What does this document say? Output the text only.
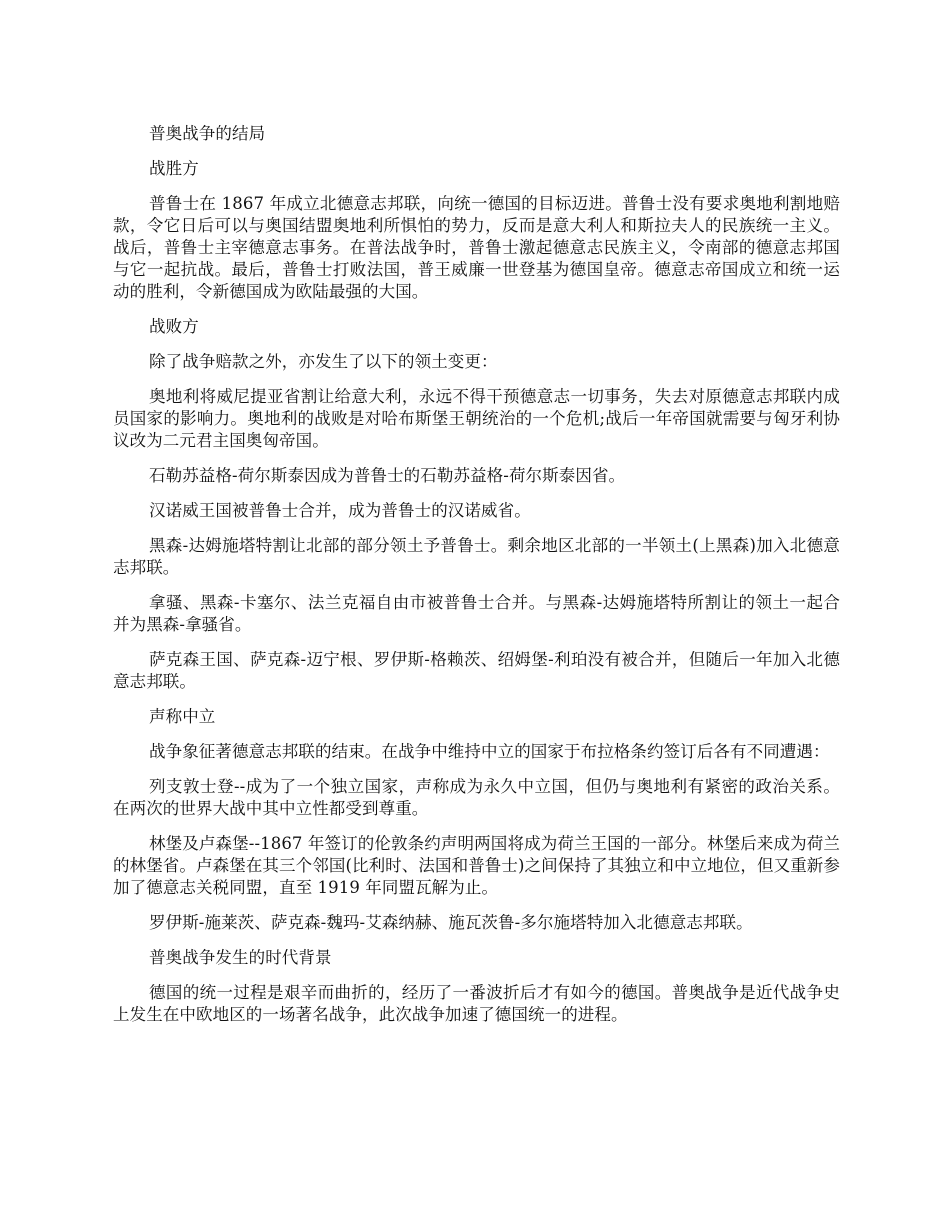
普奥战争的结局

战胜方

普鲁士在 1867 年成立北德意志邦联，向统一德国的目标迈进。普鲁士没有要求奥地利割地赔款，令它日后可以与奥国结盟奥地利所惧怕的势力，反而是意大利人和斯拉夫人的民族统一主义。战后，普鲁士主宰德意志事务。在普法战争时，普鲁士激起德意志民族主义，令南部的德意志邦国与它一起抗战。最后，普鲁士打败法国，普王威廉一世登基为德国皇帝。德意志帝国成立和统一运动的胜利，令新德国成为欧陆最强的大国。

战败方

除了战争赔款之外，亦发生了以下的领土变更：

奥地利将威尼提亚省割让给意大利，永远不得干预德意志一切事务，失去对原德意志邦联内成员国家的影响力。奥地利的战败是对哈布斯堡王朝统治的一个危机;战后一年帝国就需要与匈牙利协议改为二元君主国奥匈帝国。

石勒苏益格-荷尔斯泰因成为普鲁士的石勒苏益格-荷尔斯泰因省。

汉诺威王国被普鲁士合并，成为普鲁士的汉诺威省。

黑森-达姆施塔特割让北部的部分领土予普鲁士。剩余地区北部的一半领土(上黑森)加入北德意志邦联。

拿骚、黑森-卡塞尔、法兰克福自由市被普鲁士合并。与黑森-达姆施塔特所割让的领土一起合并为黑森-拿骚省。

萨克森王国、萨克森-迈宁根、罗伊斯-格赖茨、绍姆堡-利珀没有被合并，但随后一年加入北德意志邦联。

声称中立

战争象征著德意志邦联的结束。在战争中维持中立的国家于布拉格条约签订后各有不同遭遇：

列支敦士登--成为了一个独立国家，声称成为永久中立国，但仍与奥地利有紧密的政治关系。在两次的世界大战中其中立性都受到尊重。

林堡及卢森堡--1867 年签订的伦敦条约声明两国将成为荷兰王国的一部分。林堡后来成为荷兰的林堡省。卢森堡在其三个邻国(比利时、法国和普鲁士)之间保持了其独立和中立地位，但又重新参加了德意志关税同盟，直至 1919 年同盟瓦解为止。

罗伊斯-施莱茨、萨克森-魏玛-艾森纳赫、施瓦茨鲁-多尔施塔特加入北德意志邦联。

普奥战争发生的时代背景

德国的统一过程是艰辛而曲折的，经历了一番波折后才有如今的德国。普奥战争是近代战争史上发生在中欧地区的一场著名战争，此次战争加速了德国统一的进程。
